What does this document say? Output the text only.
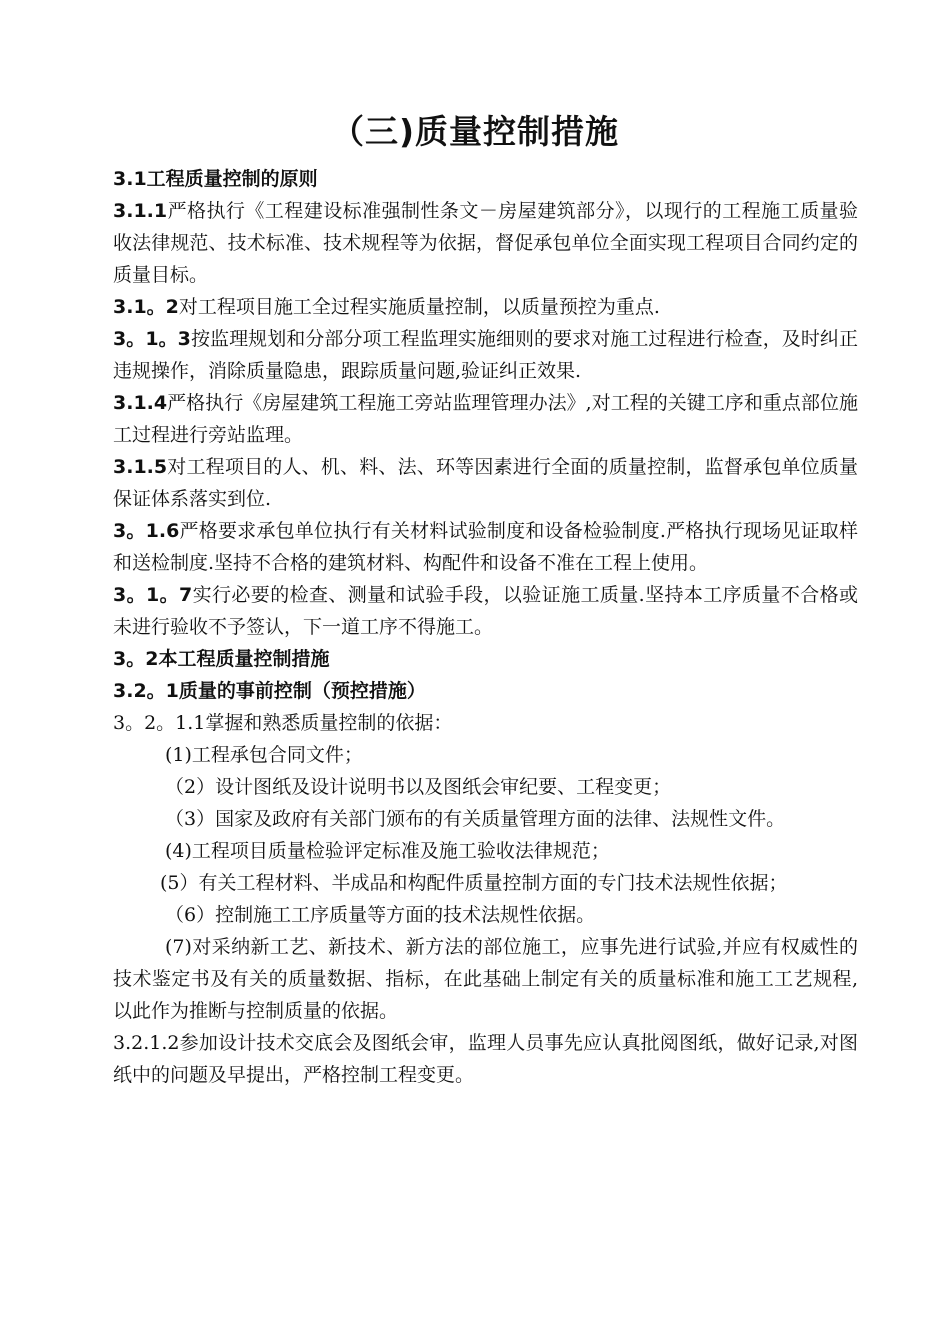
（三)质量控制措施

3.1工程质量控制的原则

3.1.1严格执行《工程建设标准强制性条文－房屋建筑部分》，以现行的工程施工质量验收法律规范、技术标准、技术规程等为依据，督促承包单位全面实现工程项目合同约定的质量目标。

3.1。2对工程项目施工全过程实施质量控制，以质量预控为重点.

3。1。3按监理规划和分部分项工程监理实施细则的要求对施工过程进行检查，及时纠正违规操作，消除质量隐患，跟踪质量问题,验证纠正效果.

3.1.4严格执行《房屋建筑工程施工旁站监理管理办法》,对工程的关键工序和重点部位施工过程进行旁站监理。

3.1.5对工程项目的人、机、料、法、环等因素进行全面的质量控制，监督承包单位质量保证体系落实到位.

3。1.6严格要求承包单位执行有关材料试验制度和设备检验制度.严格执行现场见证取样和送检制度.坚持不合格的建筑材料、构配件和设备不准在工程上使用。

3。1。7实行必要的检查、测量和试验手段，以验证施工质量.坚持本工序质量不合格或未进行验收不予签认，下一道工序不得施工。

3。2本工程质量控制措施

3.2。1质量的事前控制（预控措施）

3。2。1.1掌握和熟悉质量控制的依据：

(1)工程承包合同文件；

（2）设计图纸及设计说明书以及图纸会审纪要、工程变更；

（3）国家及政府有关部门颁布的有关质量管理方面的法律、法规性文件。

(4)工程项目质量检验评定标准及施工验收法律规范；

(5）有关工程材料、半成品和构配件质量控制方面的专门技术法规性依据；

（6）控制施工工序质量等方面的技术法规性依据。

(7)对采纳新工艺、新技术、新方法的部位施工，应事先进行试验,并应有权威性的技术鉴定书及有关的质量数据、指标，在此基础上制定有关的质量标准和施工工艺规程,以此作为推断与控制质量的依据。

3.2.1.2参加设计技术交底会及图纸会审，监理人员事先应认真批阅图纸，做好记录,对图纸中的问题及早提出，严格控制工程变更。
